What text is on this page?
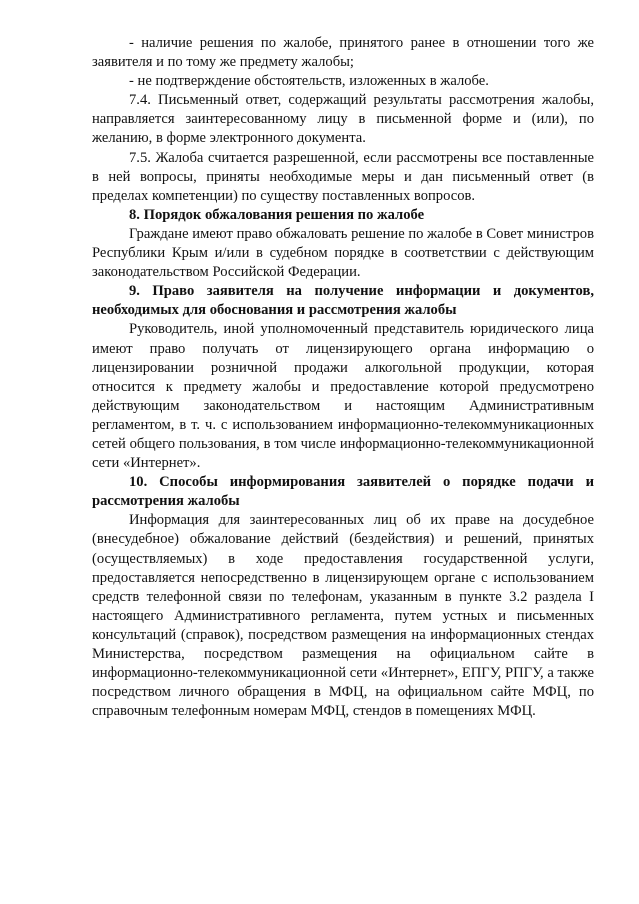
- наличие решения по жалобе, принятого ранее в отношении того же заявителя и по тому же предмету жалобы;

- не подтверждение обстоятельств, изложенных в жалобе.

7.4. Письменный ответ, содержащий результаты рассмотрения жалобы, направляется заинтересованному лицу в письменной форме и (или), по желанию, в форме электронного документа.

7.5. Жалоба считается разрешенной, если рассмотрены все поставленные в ней вопросы, приняты необходимые меры и дан письменный ответ (в пределах компетенции) по существу поставленных вопросов.

8. Порядок обжалования решения по жалобе

Граждане имеют право обжаловать решение по жалобе в Совет министров Республики Крым и/или в судебном порядке в соответствии с действующим законодательством Российской Федерации.

9. Право заявителя на получение информации и документов, необходимых для обоснования и рассмотрения жалобы

Руководитель, иной уполномоченный представитель юридического лица имеют право получать от лицензирующего органа информацию о лицензировании розничной продажи алкогольной продукции, которая относится к предмету жалобы и предоставление которой предусмотрено действующим законодательством и настоящим Административным регламентом, в т. ч. с использованием информационно-телекоммуникационных сетей общего пользования, в том числе информационно-телекоммуникационной сети «Интернет».

10. Способы информирования заявителей о порядке подачи и рассмотрения жалобы

Информация для заинтересованных лиц об их праве на досудебное (внесудебное) обжалование действий (бездействия) и решений, принятых (осуществляемых) в ходе предоставления государственной услуги, предоставляется непосредственно в лицензирующем органе с использованием средств телефонной связи по телефонам, указанным в пункте 3.2 раздела I настоящего Административного регламента, путем устных и письменных консультаций (справок), посредством размещения на информационных стендах Министерства, посредством размещения на официальном сайте в информационно-телекоммуникационной сети «Интернет», ЕПГУ, РПГУ, а также посредством личного обращения в МФЦ, на официальном сайте МФЦ, по справочным телефонным номерам МФЦ, стендов в помещениях МФЦ.
